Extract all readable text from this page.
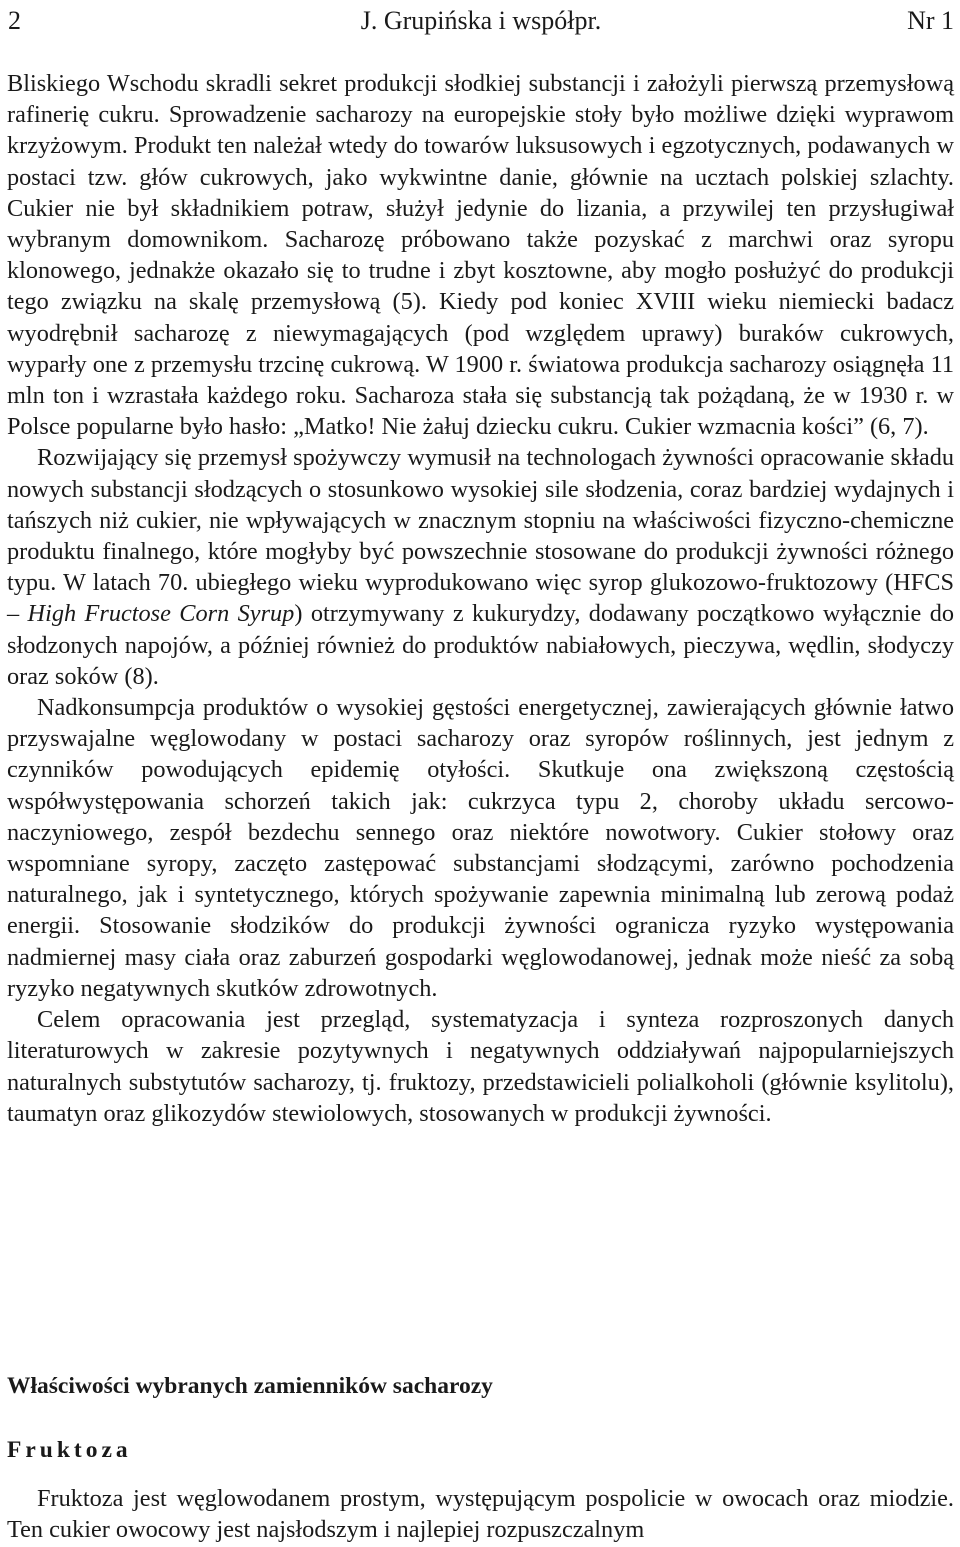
2	J. Grupińska i współpr.	Nr 1

Bliskiego Wschodu skradli sekret produkcji słodkiej substancji i założyli pierwszą przemysłową rafinerię cukru. Sprowadzenie sacharozy na europejskie stoły było możliwe dzięki wyprawom krzyżowym. Produkt ten należał wtedy do towarów luksusowych i egzotycznych, podawanych w postaci tzw. głów cukrowych, jako wykwintne danie, głównie na ucztach polskiej szlachty. Cukier nie był składnikiem potraw, służył jedynie do lizania, a przywilej ten przysługiwał wybranym domownikom. Sacharozę próbowano także pozyskać z marchwi oraz syropu klonowego, jednakże okazało się to trudne i zbyt kosztowne, aby mogło posłużyć do produkcji tego związku na skalę przemysłową (5). Kiedy pod koniec XVIII wieku niemiecki badacz wyodrębnił sacharozę z niewymagających (pod względem uprawy) buraków cukrowych, wyparły one z przemysłu trzcinę cukrową. W 1900 r. światowa produkcja sacharozy osiągnęła 11 mln ton i wzrastała każdego roku. Sacharoza stała się substancją tak pożądaną, że w 1930 r. w Polsce popularne było hasło: „Matko! Nie żałuj dziecku cukru. Cukier wzmacnia kości” (6, 7).

Rozwijający się przemysł spożywczy wymusił na technologach żywności opracowanie składu nowych substancji słodzących o stosunkowo wysokiej sile słodzenia, coraz bardziej wydajnych i tańszych niż cukier, nie wpływających w znacznym stopniu na właściwości fizyczno-chemiczne produktu finalnego, które mogłyby być powszechnie stosowane do produkcji żywności różnego typu. W latach 70. ubiegłego wieku wyprodukowano więc syrop glukozowo-fruktozowy (HFCS – High Fructose Corn Syrup) otrzymywany z kukurydzy, dodawany początkowo wyłącznie do słodzonych napojów, a później również do produktów nabiałowych, pieczywa, wędlin, słodyczy oraz soków (8).

Nadkonsumpcja produktów o wysokiej gęstości energetycznej, zawierających głównie łatwo przyswajalne węglowodany w postaci sacharozy oraz syropów roślinnych, jest jednym z czynników powodujących epidemię otyłości. Skutkuje ona zwiększoną częstością współwystępowania schorzeń takich jak: cukrzyca typu 2, choroby układu sercowo-naczyniowego, zespół bezdechu sennego oraz niektóre nowotwory. Cukier stołowy oraz wspomniane syropy, zaczęto zastępować substancjami słodzącymi, zarówno pochodzenia naturalnego, jak i syntetycznego, których spożywanie zapewnia minimalną lub zerową podaż energii. Stosowanie słodzików do produkcji żywności ogranicza ryzyko występowania nadmiernej masy ciała oraz zaburzeń gospodarki węglowodanowej, jednak może nieść za sobą ryzyko negatywnych skutków zdrowotnych.

Celem opracowania jest przegląd, systematyzacja i synteza rozproszonych danych literaturowych w zakresie pozytywnych i negatywnych oddziaływań najpopularniejszych naturalnych substytutów sacharozy, tj. fruktozy, przedstawicieli polialkoholi (głównie ksylitolu), taumatyn oraz glikozydów stewiolowych, stosowanych w produkcji żywności.

Właściwości wybranych zamienników sacharozy
Fruktoza

Fruktoza jest węglowodanem prostym, występującym pospolicie w owocach oraz miodzie. Ten cukier owocowy jest najsłodszym i najlepiej rozpuszczalnym
